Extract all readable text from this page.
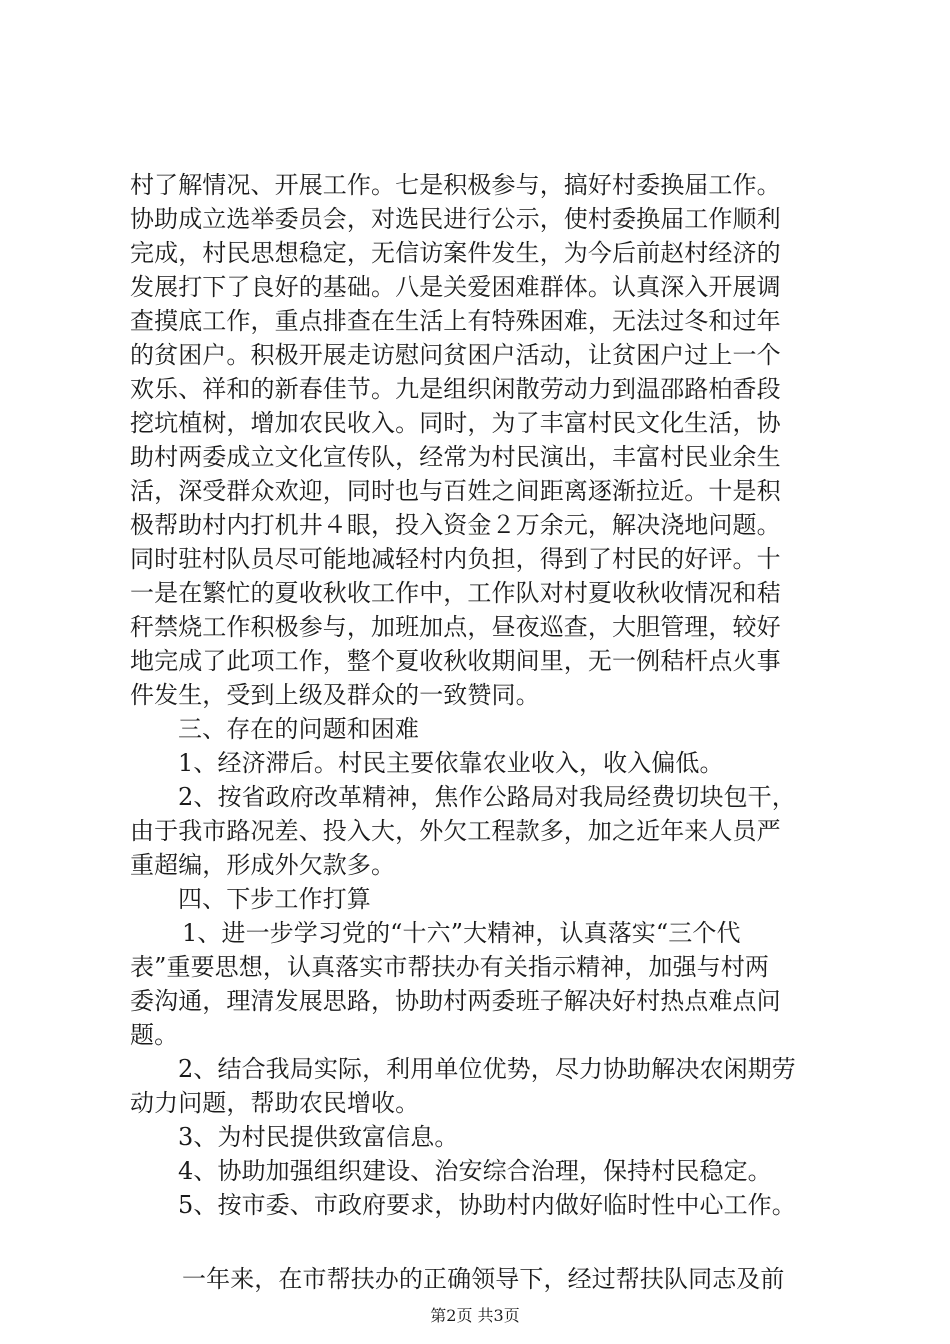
村了解情况、开展工作。七是积极参与，搞好村委换届工作。
协助成立选举委员会，对选民进行公示，使村委换届工作顺利
完成，村民思想稳定，无信访案件发生，为今后前赵村经济的
发展打下了良好的基础。八是关爱困难群体。认真深入开展调
查摸底工作，重点排查在生活上有特殊困难，无法过冬和过年
的贫困户。积极开展走访慰问贫困户活动，让贫困户过上一个
欢乐、祥和的新春佳节。九是组织闲散劳动力到温邵路柏香段
挖坑植树，增加农民收入。同时，为了丰富村民文化生活，协
助村两委成立文化宣传队，经常为村民演出，丰富村民业余生
活，深受群众欢迎，同时也与百姓之间距离逐渐拉近。十是积
极帮助村内打机井４眼，投入资金２万余元，解决浇地问题。
同时驻村队员尽可能地减轻村内负担，得到了村民的好评。十
一是在繁忙的夏收秋收工作中，工作队对村夏收秋收情况和秸
秆禁烧工作积极参与，加班加点，昼夜巡查，大胆管理，较好
地完成了此项工作，整个夏收秋收期间里，无一例秸杆点火事
件发生，受到上级及群众的一致赞同。
三、存在的问题和困难
1、经济滞后。村民主要依靠农业收入，收入偏低。
2、按省政府改革精神，焦作公路局对我局经费切块包干，
由于我市路况差、投入大，外欠工程款多，加之近年来人员严
重超编，形成外欠款多。
四、下步工作打算
1、进一步学习党的“十六”大精神，认真落实“三个代
表”重要思想，认真落实市帮扶办有关指示精神，加强与村两
委沟通，理清发展思路，协助村两委班子解决好村热点难点问
题。
2、结合我局实际，利用单位优势，尽力协助解决农闲期劳
动力问题，帮助农民增收。
3、为村民提供致富信息。
4、协助加强组织建设、治安综合治理，保持村民稳定。
5、按市委、市政府要求，协助村内做好临时性中心工作。
一年来，在市帮扶办的正确领导下，经过帮扶队同志及前
第2页 共3页
